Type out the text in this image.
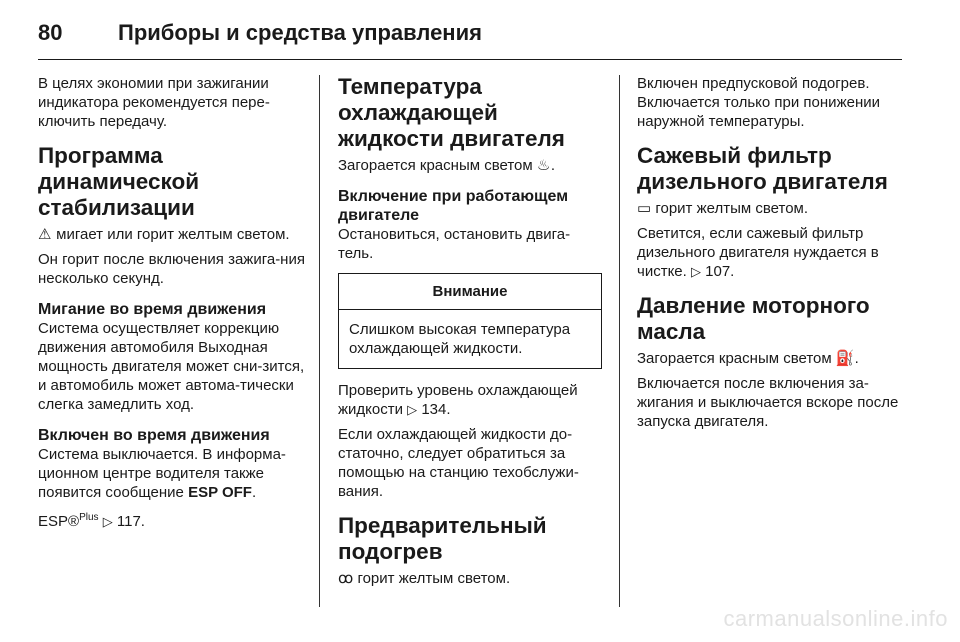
80	Приборы и средства управления

В целях экономии при зажигании индикатора рекомендуется пере-ключить передачу.

Программа динамической стабилизации

⚠ мигает или горит желтым светом.

Он горит после включения зажига-ния несколько секунд.

Мигание во время движения

Система осуществляет коррекцию движения автомобиля Выходная мощность двигателя может сни-зится, и автомобиль может автома-тически слегка замедлить ход.

Включен во время движения

Система выключается. В информа-ционном центре водителя также появится сообщение ESP OFF.

ESP®$^{Plus}$ ▷ 117.

Температура охлаждающей жидкости двигателя

Загорается красным светом ♨.

Включение при работающем двигателе

Остановиться, остановить двига-тель.

Внимание
Слишком высокая температура охлаждающей жидкости.

Проверить уровень охлаждающей жидкости ▷ 134.

Если охлаждающей жидкости до-статочно, следует обратиться за помощью на станцию техобслужи-вания.

Предварительный подогрев

ꝏ горит желтым светом.

Включен предпусковой подогрев. Включается только при понижении наружной температуры.

Сажевый фильтр дизельного двигателя

▭ горит желтым светом.

Светится, если сажевый фильтр дизельного двигателя нуждается в чистке. ▷ 107.

Давление моторного масла

Загорается красным светом ⛽.

Включается после включения за-жигания и выключается вскоре после запуска двигателя.

carmanualsonline.info
